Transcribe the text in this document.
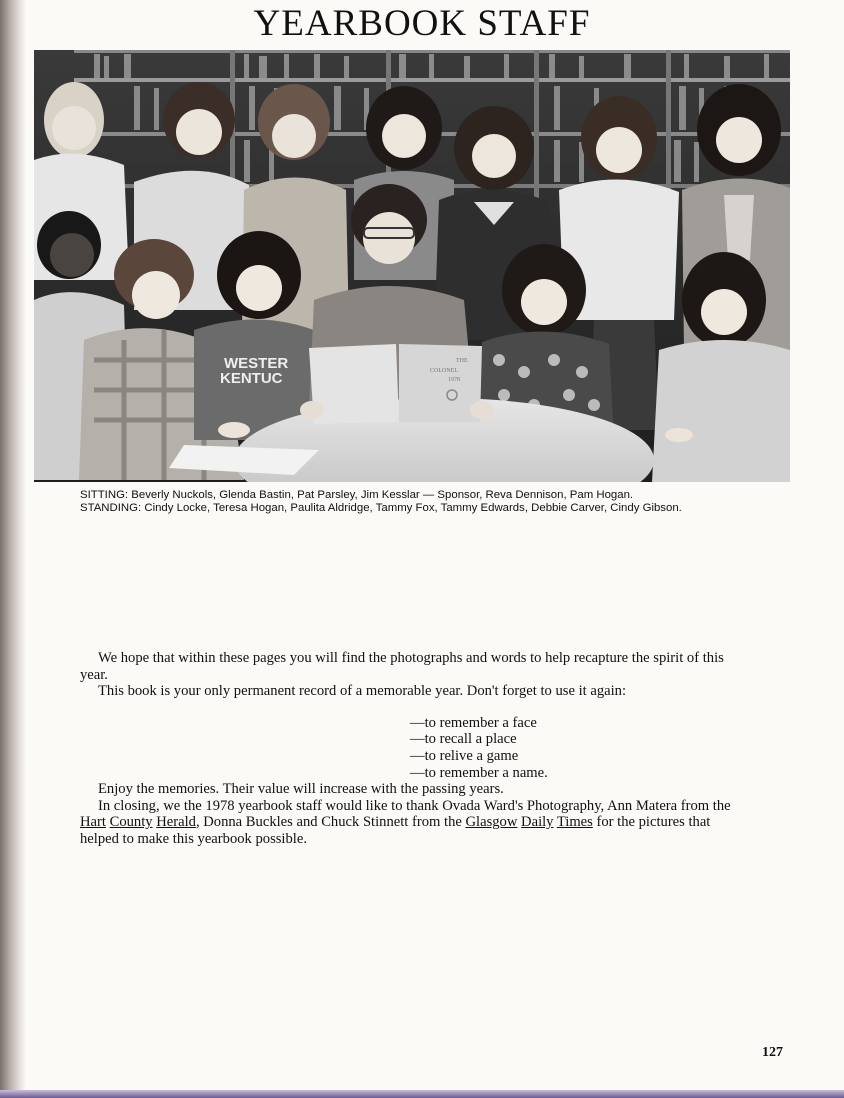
YEARBOOK STAFF
WESTER
KENTUC
THE
COLONEL
1978

SITTING: Beverly Nuckols, Glenda Bastin, Pat Parsley, Jim Kesslar — Sponsor, Reva Dennison, Pam Hogan.

STANDING: Cindy Locke, Teresa Hogan, Paulita Aldridge, Tammy Fox, Tammy Edwards, Debbie Carver, Cindy Gibson.

We hope that within these pages you will find the photographs and words to help recapture the spirit of this year.

This book is your only permanent record of a memorable year. Don't forget to use it again:

—to remember a face
—to recall a place
—to relive a game
—to remember a name.

Enjoy the memories. Their value will increase with the passing years.

In closing, we the 1978 yearbook staff would like to thank Ovada Ward's Photography, Ann Matera from the Hart County Herald, Donna Buckles and Chuck Stinnett from the Glasgow Daily Times for the pictures that helped to make this yearbook possible.

127
